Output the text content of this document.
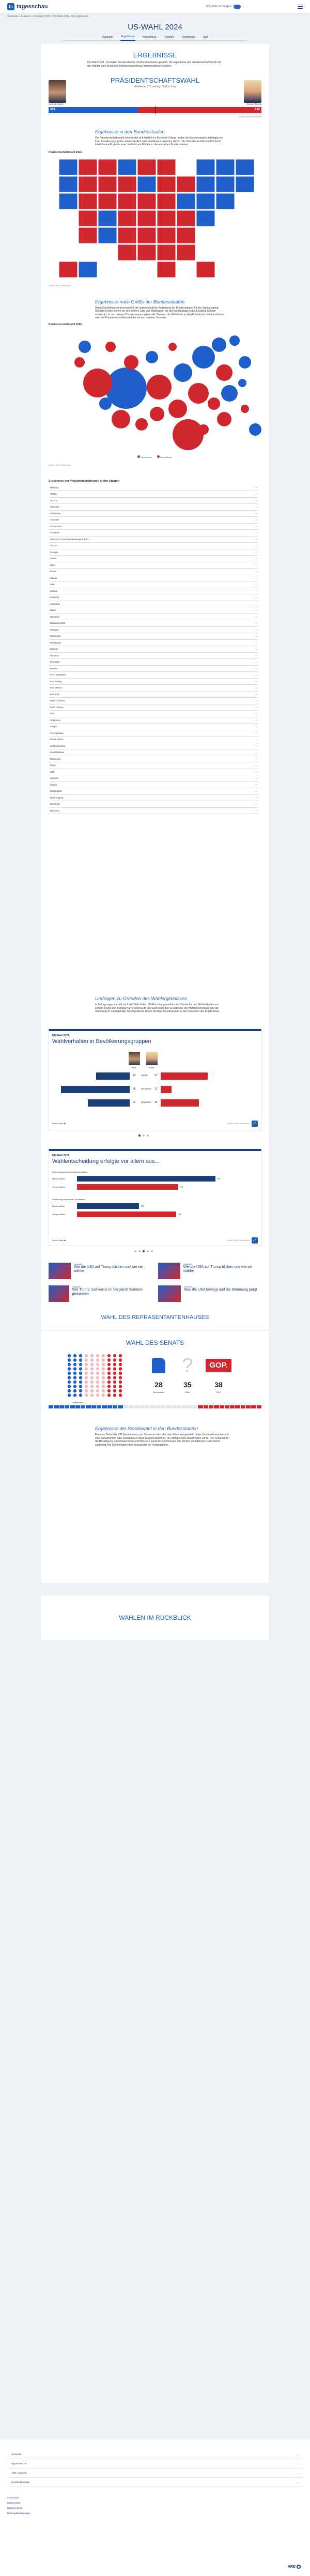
ts tagesschau	Tickeliste anzeigen
Startseite > Ausland > US-Wahl 2024 > US-Wahl 2024: Die Ergebnisse
US-WAHL 2024
Startseite	Ergebnisse	Hintergrund	Themen	Kommentar	Bild
ERGEBNISSE
US-Wahl 2024 - So haben die Amerikaner US-Bundesstaaten gewählt: Die Ergebnisse der Präsidentschaftswahl und der Wahlen zum Senat und Repräsentantenhaus im interaktiven Grafiken.
PRÄSIDENTSCHAFTSWAHL
Wahlleute: 270 benötigt / 538 in total
Kamala Harris	Donald Trump
226	312
Quelle: ARD-Wahlstudio
Ergebnisse in den Bundesstaaten
Die Präsidentschaftswahl entscheidet sich letztlich im Electoral College, in das die Bundesstaaten abhängig von ihrer Bevölkerungsgröße unterschiedlich viele Wahlleute entsenden dürfen. Die Präsidentschaftswahl ist damit letztlich eine Ergebnis einer Vielzahl von Wahlen in den einzelnen Bundesstaaten.
Präsidentschaftswahl 2024
Quelle: ARD-Wahlstudio
Ergebnisse nach Größe der Bundesstaaten
Diese Darstellung veranschaulicht die unterschiedliche Bedeutung der Bundesstaaten für das Wahlausgang. Größere Kreise stehen für eine höhere Zahl von Wahlleuten, die der Bundesstaat in das Electoral College entsendet. In den meisten Bundesstaaten gehen alle Stimmen der Wahlleute an den Präsidentschaftskandidaten oder die Präsidentschaftskandidatin mit den meisten Stimmen.
Präsidentschaftswahl 2024
Demokraten	Republikaner
Quelle: ARD-Wahlstudio
Ergebnisse der Präsidentschaftswahl in den Staaten
Alabama	⌄
Alaska	⌄
Arizona	⌄
Arkansas	⌄
Kalifornien	⌄
Colorado	⌄
Connecticut	⌄
Delaware	⌄
District of Columbia (Washington D.C.)	⌄
Florida	⌄
Georgia	⌄
Hawaii	⌄
Idaho	⌄
Illinois	⌄
Indiana	⌄
Iowa	⌄
Kansas	⌄
Kentucky	⌄
Louisiana	⌄
Maine	⌄
Maryland	⌄
Massachusetts	⌄
Michigan	⌄
Minnesota	⌄
Mississippi	⌄
Missouri	⌄
Montana	⌄
Nebraska	⌄
Nevada	⌄
New Hampshire	⌄
New Jersey	⌄
New Mexico	⌄
New York	⌄
North Carolina	⌄
North Dakota	⌄
Ohio	⌄
Oklahoma	⌄
Oregon	⌄
Pennsylvania	⌄
Rhode Island	⌄
South Carolina	⌄
South Dakota	⌄
Tennessee	⌄
Texas	⌄
Utah	⌄
Vermont	⌄
Virginia	⌄
Washington	⌄
West Virginia	⌄
Wisconsin	⌄
Wyoming	⌄
Umfragen zu Gründen des Wahlergebnisses
In Befragungen vor und nach der Wahl haben US-Forschungsinstitute die Gründe für das Wahlverhalten von Donald Trump und Kamala Harris untersucht und auch nach den Gründen für die Wahlentscheidung und die Stimmung im Land gefragt. Die Ergebnisse liefern wichtige Anhaltspunkte zu den Ursachen des Ergebnisses.
US-Wahl 2024
Wahlverhalten in Bevölkerungsgruppen
Harris	Trump
42 Weiße	57
86 Schwarze 13
52 Hispanics 46
Ältere Daten ▶	Quelle: ARD-Wahlstudio	⤢
US-Wahl 2024
Wahlentscheidung erfolgte vor allem aus...
Überzeugung von Kandidat/Kandidatin
Harris-Wähler	67
Trump-Wähler	49
Ablehnung des anderen Kandidaten
Harris-Wähler	30
Trump-Wähler	48
Ältere Daten ▶	Quelle: ARD-Wahlstudio	⤢
Infografik
Wie die USA auf Trump blicken und wie sie wählte
Infografik
Wie die USA auf Trump blicken und wie sie wählte
Infografik
Wie Trump und Harris im Vergleich Stimmen gewannen
Infografik
Was die USA bewegt und die Stimmung prägt
WAHL DES REPRÄSENTANTENHAUSES
WAHL DES SENATS
Wahltermin
28
Demokraten
?
35
Offen
GOP.
38
GOP
Ergebnisse der Senatswahl in den Bundesstaaten
Etwa ein Drittel der 100 Senatorinnen und Senatoren wird alle zwei Jahre neu gewählt. Jeder Bundesstaat entsendet zwei Senatorinnen oder Senatoren in diese Kongresskammer. Die Wahlperiode dauert sechs Jahre. Der Senat ist für die Bestätigung von Ministerinnen und Ministern sowie für Richterinnen und Richter am Obersten Gerichtshof zuständig. Bei Stimmengleichheit entscheidet der Vizepräsident.
WAHLEN IM RÜCKBLICK
Startseite	⌄
tagesschau.de	⌄
ARD Angebote	⌄
Rundfunkbeiträge	⌄
Impressum
Datenschutz
Barrierefreiheit
Nutzungsbedingungen
ARD
